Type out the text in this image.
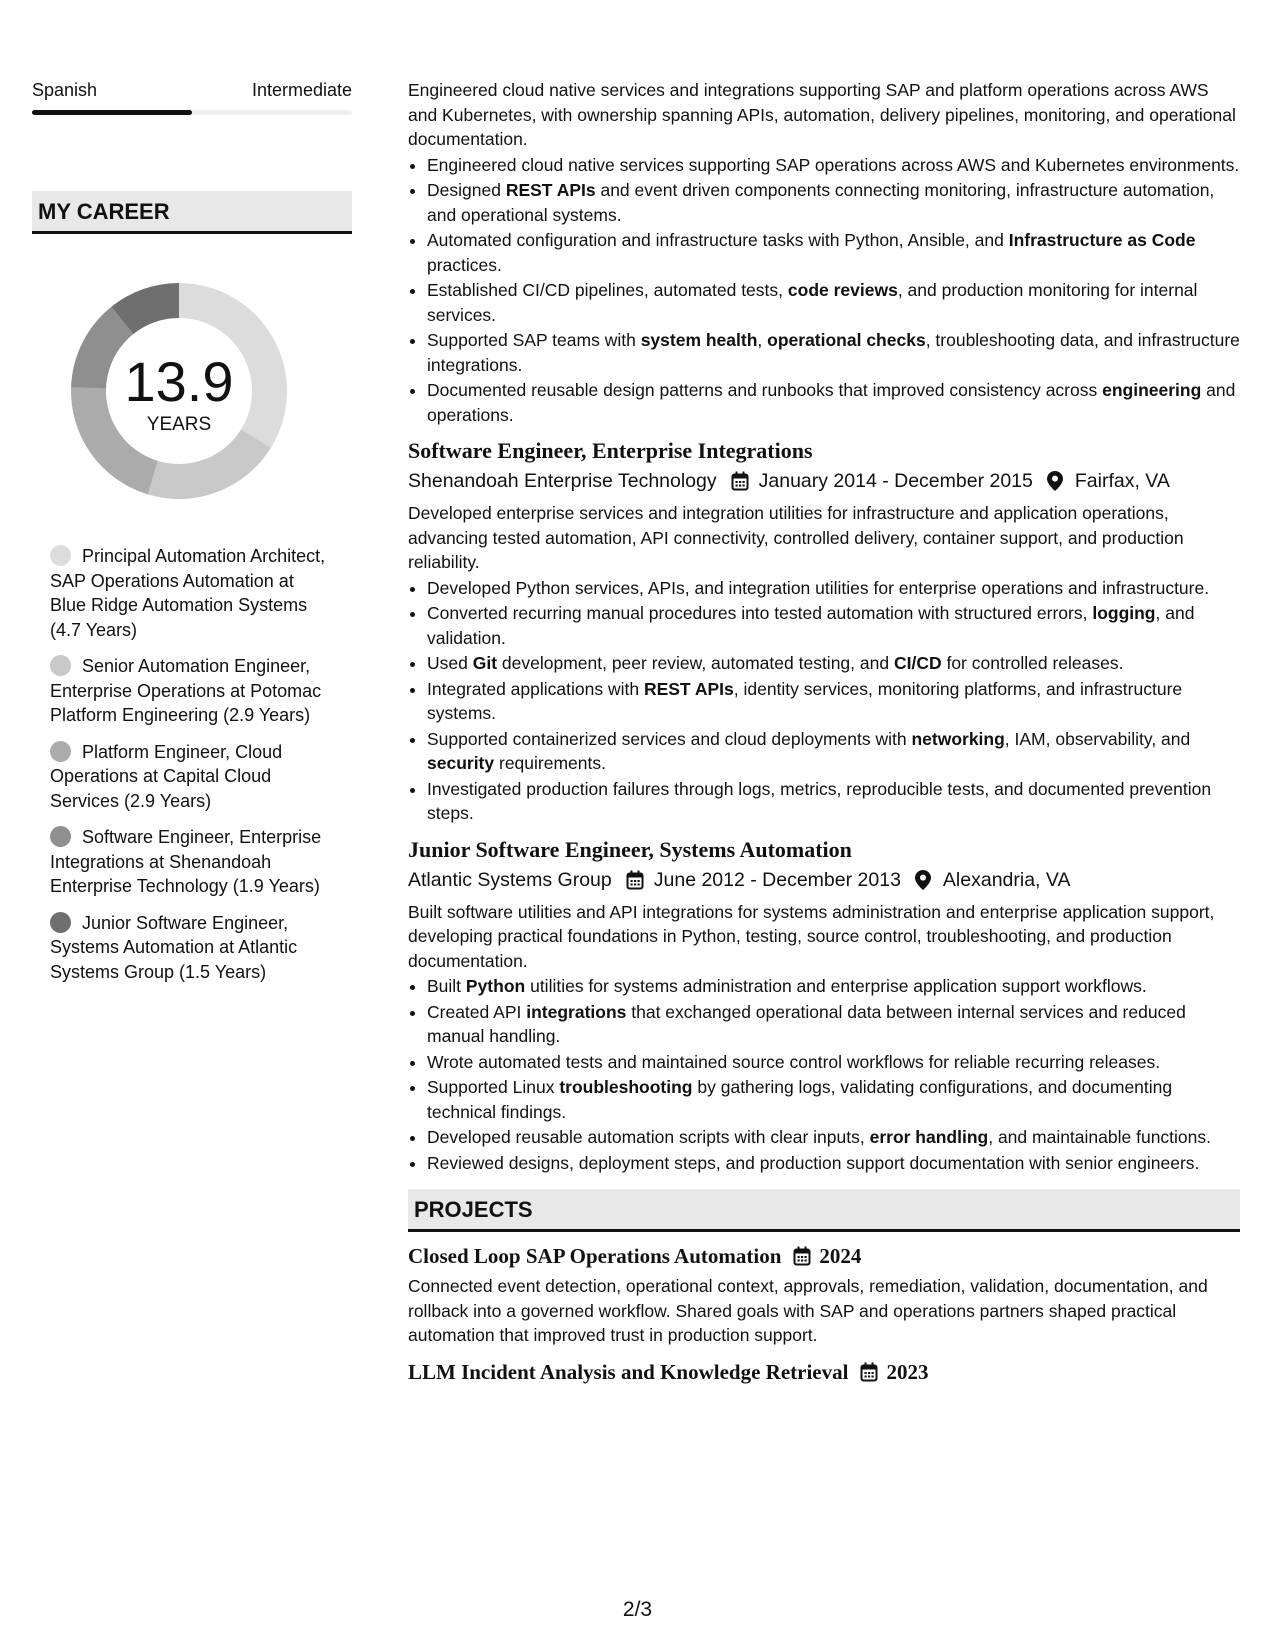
Spanish	Intermediate
MY CAREER
13.9
YEARS
Principal Automation Architect, SAP Operations Automation at Blue Ridge Automation Systems (4.7 Years)
Senior Automation Engineer, Enterprise Operations at Potomac Platform Engineering (2.9 Years)
Platform Engineer, Cloud Operations at Capital Cloud Services (2.9 Years)
Software Engineer, Enterprise Integrations at Shenandoah Enterprise Technology (1.9 Years)
Junior Software Engineer, Systems Automation at Atlantic Systems Group (1.5 Years)

Engineered cloud native services and integrations supporting SAP and platform operations across AWS and Kubernetes, with ownership spanning APIs, automation, delivery pipelines, monitoring, and operational documentation.

• Engineered cloud native services supporting SAP operations across AWS and Kubernetes environments.
• Designed REST APIs and event driven components connecting monitoring, infrastructure automation, and operational systems.
• Automated configuration and infrastructure tasks with Python, Ansible, and Infrastructure as Code practices.
• Established CI/CD pipelines, automated tests, code reviews, and production monitoring for internal services.
• Supported SAP teams with system health, operational checks, troubleshooting data, and infrastructure integrations.
• Documented reusable design patterns and runbooks that improved consistency across engineering and operations.
Software Engineer, Enterprise Integrations
Shenandoah Enterprise Technology January 2014 - December 2015 Fairfax, VA

Developed enterprise services and integration utilities for infrastructure and application operations, advancing tested automation, API connectivity, controlled delivery, container support, and production reliability.

• Developed Python services, APIs, and integration utilities for enterprise operations and infrastructure.
• Converted recurring manual procedures into tested automation with structured errors, logging, and validation.
• Used Git development, peer review, automated testing, and CI/CD for controlled releases.
• Integrated applications with REST APIs, identity services, monitoring platforms, and infrastructure systems.
• Supported containerized services and cloud deployments with networking, IAM, observability, and security requirements.
• Investigated production failures through logs, metrics, reproducible tests, and documented prevention steps.
Junior Software Engineer, Systems Automation
Atlantic Systems Group June 2012 - December 2013 Alexandria, VA

Built software utilities and API integrations for systems administration and enterprise application support, developing practical foundations in Python, testing, source control, troubleshooting, and production documentation.

• Built Python utilities for systems administration and enterprise application support workflows.
• Created API integrations that exchanged operational data between internal services and reduced manual handling.
• Wrote automated tests and maintained source control workflows for reliable recurring releases.
• Supported Linux troubleshooting by gathering logs, validating configurations, and documenting technical findings.
• Developed reusable automation scripts with clear inputs, error handling, and maintainable functions.
• Reviewed designs, deployment steps, and production support documentation with senior engineers.
PROJECTS
Closed Loop SAP Operations Automation 2024

Connected event detection, operational context, approvals, remediation, validation, documentation, and rollback into a governed workflow. Shared goals with SAP and operations partners shaped practical automation that improved trust in production support.

LLM Incident Analysis and Knowledge Retrieval 2023
2/3
